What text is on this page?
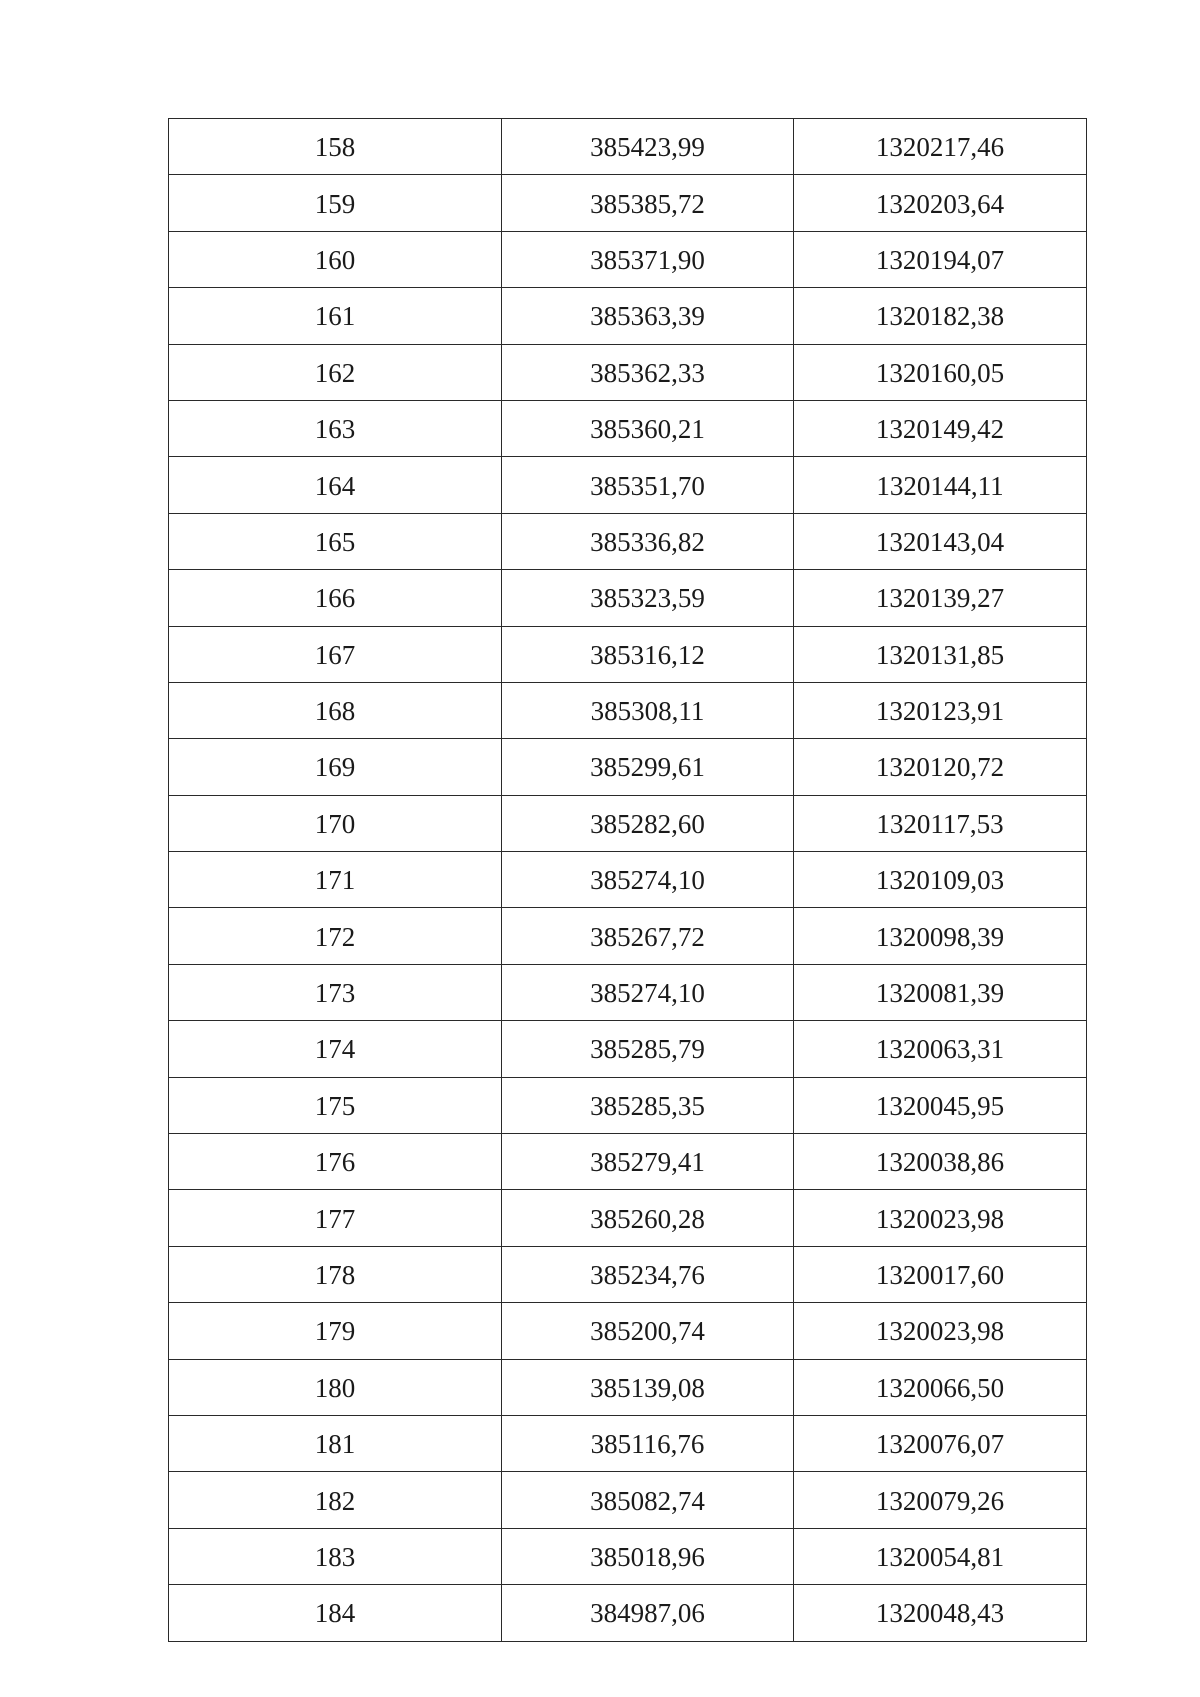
158	385423,99	1320217,46
159	385385,72	1320203,64
160	385371,90	1320194,07
161	385363,39	1320182,38
162	385362,33	1320160,05
163	385360,21	1320149,42
164	385351,70	1320144,11
165	385336,82	1320143,04
166	385323,59	1320139,27
167	385316,12	1320131,85
168	385308,11	1320123,91
169	385299,61	1320120,72
170	385282,60	1320117,53
171	385274,10	1320109,03
172	385267,72	1320098,39
173	385274,10	1320081,39
174	385285,79	1320063,31
175	385285,35	1320045,95
176	385279,41	1320038,86
177	385260,28	1320023,98
178	385234,76	1320017,60
179	385200,74	1320023,98
180	385139,08	1320066,50
181	385116,76	1320076,07
182	385082,74	1320079,26
183	385018,96	1320054,81
184	384987,06	1320048,43
